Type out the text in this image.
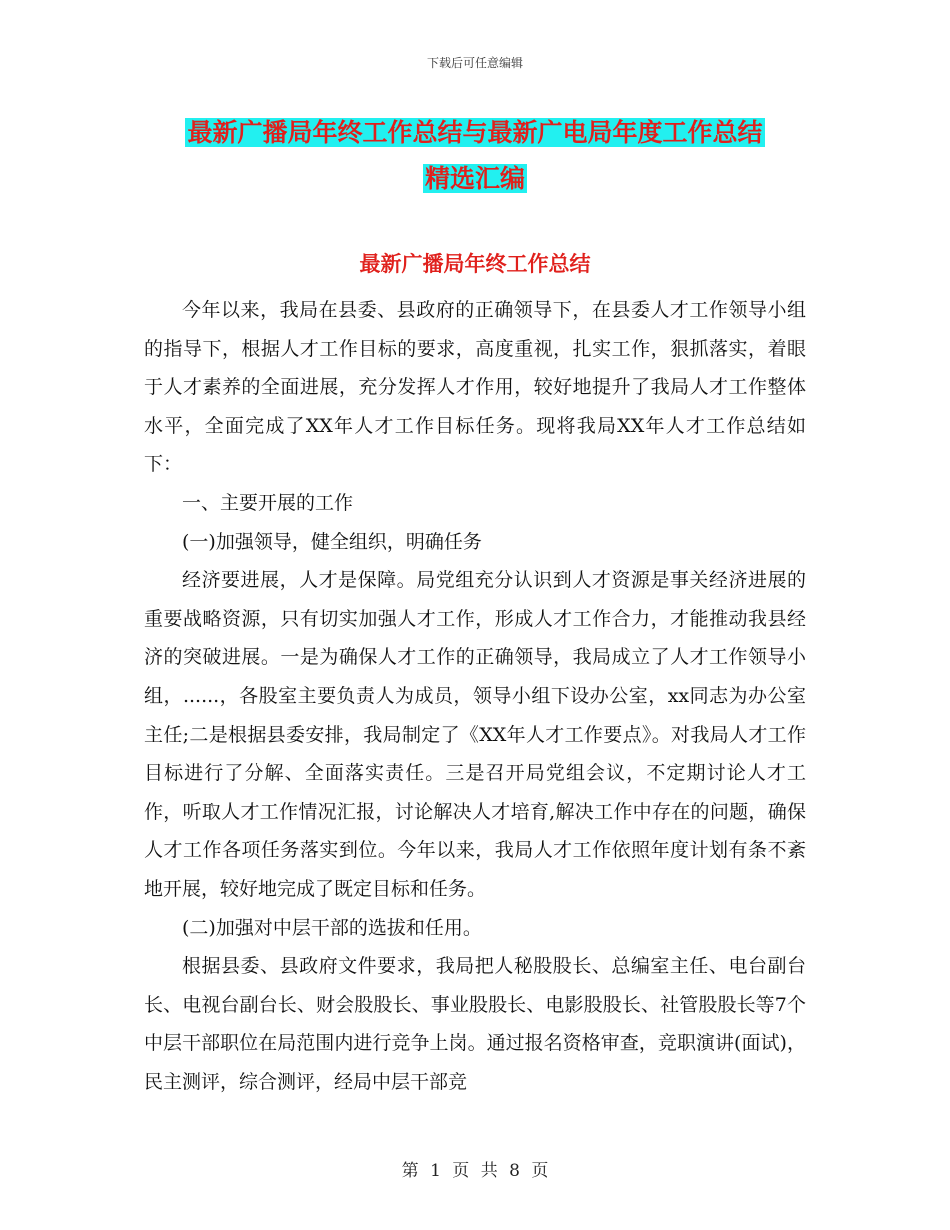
下载后可任意编辑
最新广播局年终工作总结与最新广电局年度工作总结
精选汇编
最新广播局年终工作总结

今年以来，我局在县委、县政府的正确领导下，在县委人才工作领导小组的指导下，根据人才工作目标的要求，高度重视，扎实工作，狠抓落实，着眼于人才素养的全面进展，充分发挥人才作用，较好地提升了我局人才工作整体水平，全面完成了XX年人才工作目标任务。现将我局XX年人才工作总结如下：

一、主要开展的工作

(一)加强领导，健全组织，明确任务

经济要进展，人才是保障。局党组充分认识到人才资源是事关经济进展的重要战略资源，只有切实加强人才工作，形成人才工作合力，才能推动我县经济的突破进展。一是为确保人才工作的正确领导，我局成立了人才工作领导小组，......，各股室主要负责人为成员，领导小组下设办公室，xx同志为办公室主任;二是根据县委安排，我局制定了《XX年人才工作要点》。对我局人才工作目标进行了分解、全面落实责任。三是召开局党组会议，不定期讨论人才工作，听取人才工作情况汇报，讨论解决人才培育,解决工作中存在的问题，确保人才工作各项任务落实到位。今年以来，我局人才工作依照年度计划有条不紊地开展，较好地完成了既定目标和任务。

(二)加强对中层干部的选拔和任用。

根据县委、县政府文件要求，我局把人秘股股长、总编室主任、电台副台长、电视台副台长、财会股股长、事业股股长、电影股股长、社管股股长等7个中层干部职位在局范围内进行竞争上岗。通过报名资格审查，竞职演讲(面试)，民主测评，综合测评，经局中层干部竞

第 1 页 共 8 页
